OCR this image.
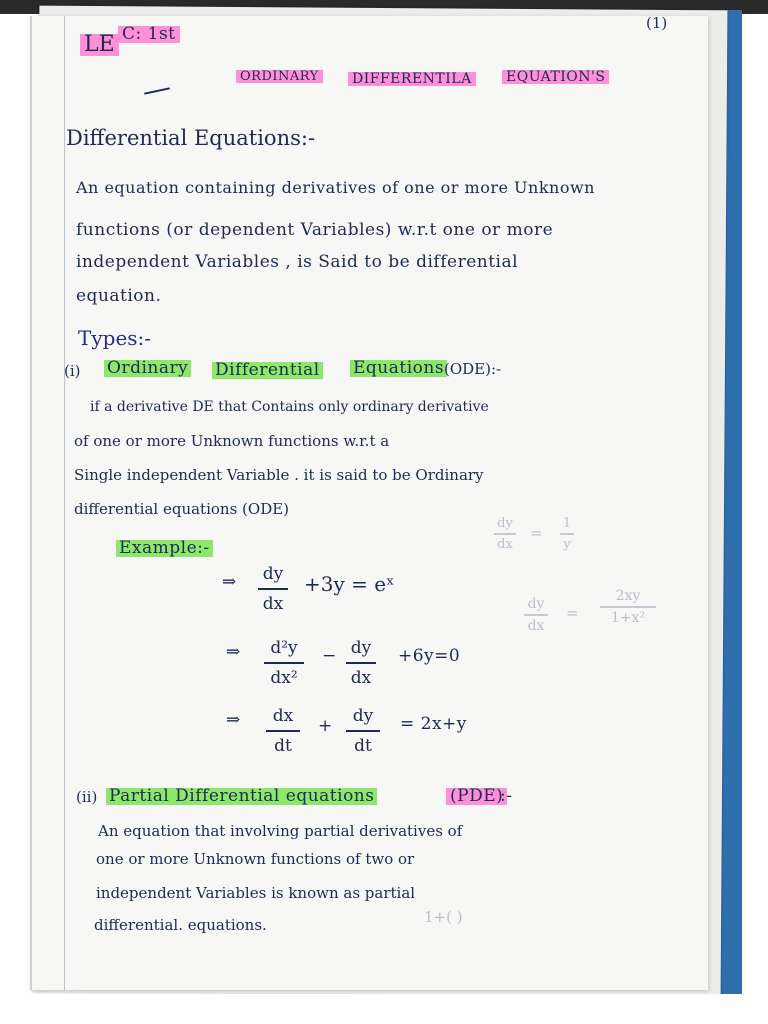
LE C: 1st
(1)
ORDINARY DIFFERENTILA EQUATION'S
Differential Equations:-
An equation containing derivatives of one or more Unknown
functions (or dependent Variables) w.r.t one or more
independent Variables , is Said to be differential
equation.
Types:-
(i) Ordinary Differential Equations (ODE):-
if a derivative DE that Contains only ordinary derivative
of one or more Unknown functions w.r.t a
Single independent Variable . it is said to be Ordinary
differential equations (ODE)
Example:-
⇒ dy
dx
+3y = eˣ
⇒ d²y
dx²
− dy
dx
+6y=0
⇒ dx
dt
+ dy
dt
= 2x+y
dy
dx
=
1
y
dy
dx
=
2xy
1+x²
1+( )
(ii) Partial Differential equations	(PDE)
:-
An equation that involving partial derivatives of
one or more Unknown functions of two or
independent Variables is known as partial
differential. equations.
